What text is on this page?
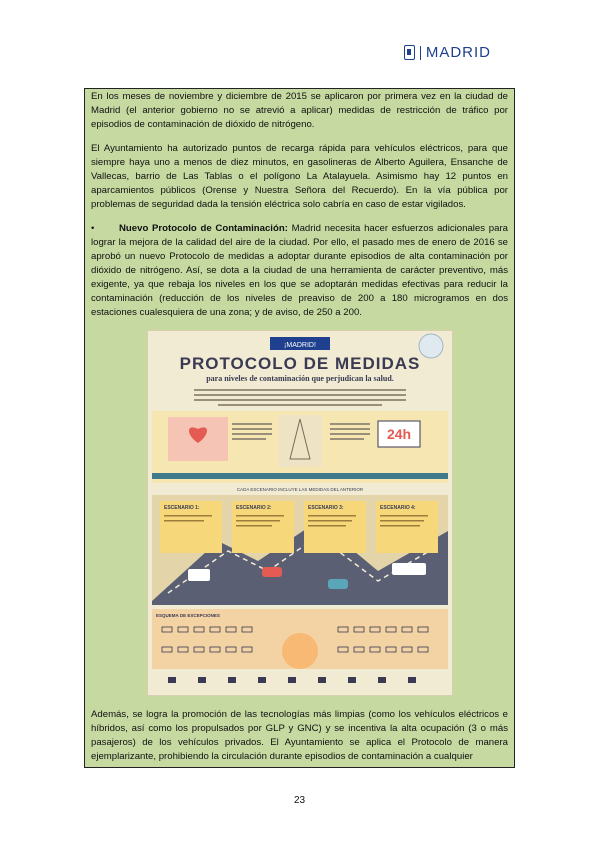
MADRID

En los meses de noviembre y diciembre de 2015 se aplicaron por primera vez en la ciudad de Madrid (el anterior gobierno no se atrevió a aplicar) medidas de restricción de tráfico por episodios de contaminación de dióxido de nitrógeno.

El Ayuntamiento ha autorizado puntos de recarga rápida para vehículos eléctricos, para que siempre haya uno a menos de diez minutos, en gasolineras de Alberto Aguilera, Ensanche de Vallecas, barrio de Las Tablas o el polígono La Atalayuela. Asimismo hay 12 puntos en aparcamientos públicos (Orense y Nuestra Señora del Recuerdo). En la vía pública por problemas de seguridad dada la tensión eléctrica solo cabría en caso de estar vigilados.

•	Nuevo Protocolo de Contaminación: Madrid necesita hacer esfuerzos adicionales para lograr la mejora de la calidad del aire de la ciudad. Por ello, el pasado mes de enero de 2016 se aprobó un nuevo Protocolo de medidas a adoptar durante episodios de alta contaminación por dióxido de nitrógeno. Así, se dota a la ciudad de una herramienta de carácter preventivo, más exigente, ya que rebaja los niveles en los que se adoptarán medidas efectivas para reducir la contaminación (reducción de los niveles de preaviso de 200 a 180 microgramos en dos estaciones cualesquiera de una zona; y de aviso, de 250 a 200.

¡MADRID!
PROTOCOLO DE MEDIDAS
para niveles de contaminación que perjudican la salud.
24h
CADA ESCENARIO INCLUYE LAS MEDIDAS DEL ANTERIOR
ESCENARIO 1:	ESCENARIO 2:	ESCENARIO 3:	ESCENARIO 4:
ESQUEMA DE EXCEPCIONES

Además, se logra la promoción de las tecnologías más limpias (como los vehículos eléctricos e híbridos, así como los propulsados por GLP y GNC) y se incentiva la alta ocupación (3 o más pasajeros) de los vehículos privados. El Ayuntamiento se aplica el Protocolo de manera ejemplarizante, prohibiendo la circulación durante episodios de contaminación a cualquier

23
